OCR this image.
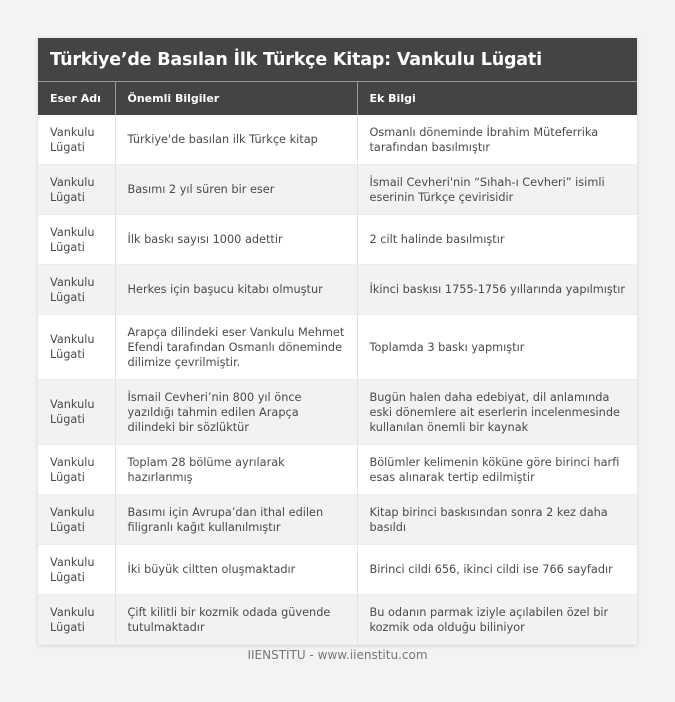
Türkiye’de Basılan İlk Türkçe Kitap: Vankulu Lügati
Eser Adı	Önemli Bilgiler	Ek Bilgi
Vankulu Lügati	Türkiye'de basılan ilk Türkçe kitap	Osmanlı döneminde İbrahim Müteferrika tarafından basılmıştır
Vankulu Lügati	Basımı 2 yıl süren bir eser	İsmail Cevheri'nin “Sıhah-ı Cevheri” isimli eserinin Türkçe çevirisidir
Vankulu Lügati	İlk baskı sayısı 1000 adettir	2 cilt halinde basılmıştır
Vankulu Lügati	Herkes için başucu kitabı olmuştur	İkinci baskısı 1755-1756 yıllarında yapılmıştır
Vankulu Lügati	Arapça dilindeki eser Vankulu Mehmet Efendi tarafından Osmanlı döneminde dilimize çevrilmiştir.	Toplamda 3 baskı yapmıştır
Vankulu Lügati	İsmail Cevheri’nin 800 yıl önce yazıldığı tahmin edilen Arapça dilindeki bir sözlüktür	Bugün halen daha edebiyat, dil anlamında eski dönemlere ait eserlerin incelenmesinde kullanılan önemli bir kaynak
Vankulu Lügati	Toplam 28 bölüme ayrılarak hazırlanmış	Bölümler kelimenin köküne göre birinci harfi esas alınarak tertip edilmiştir
Vankulu Lügati	Basımı için Avrupa’dan ithal edilen filigranlı kağıt kullanılmıştır	Kitap birinci baskısından sonra 2 kez daha basıldı
Vankulu Lügati	İki büyük ciltten oluşmaktadır	Birinci cildi 656, ikinci cildi ise 766 sayfadır
Vankulu Lügati	Çift kilitli bir kozmik odada güvende tutulmaktadır	Bu odanın parmak iziyle açılabilen özel bir kozmik oda olduğu biliniyor
IIENSTITU - www.iienstitu.com
